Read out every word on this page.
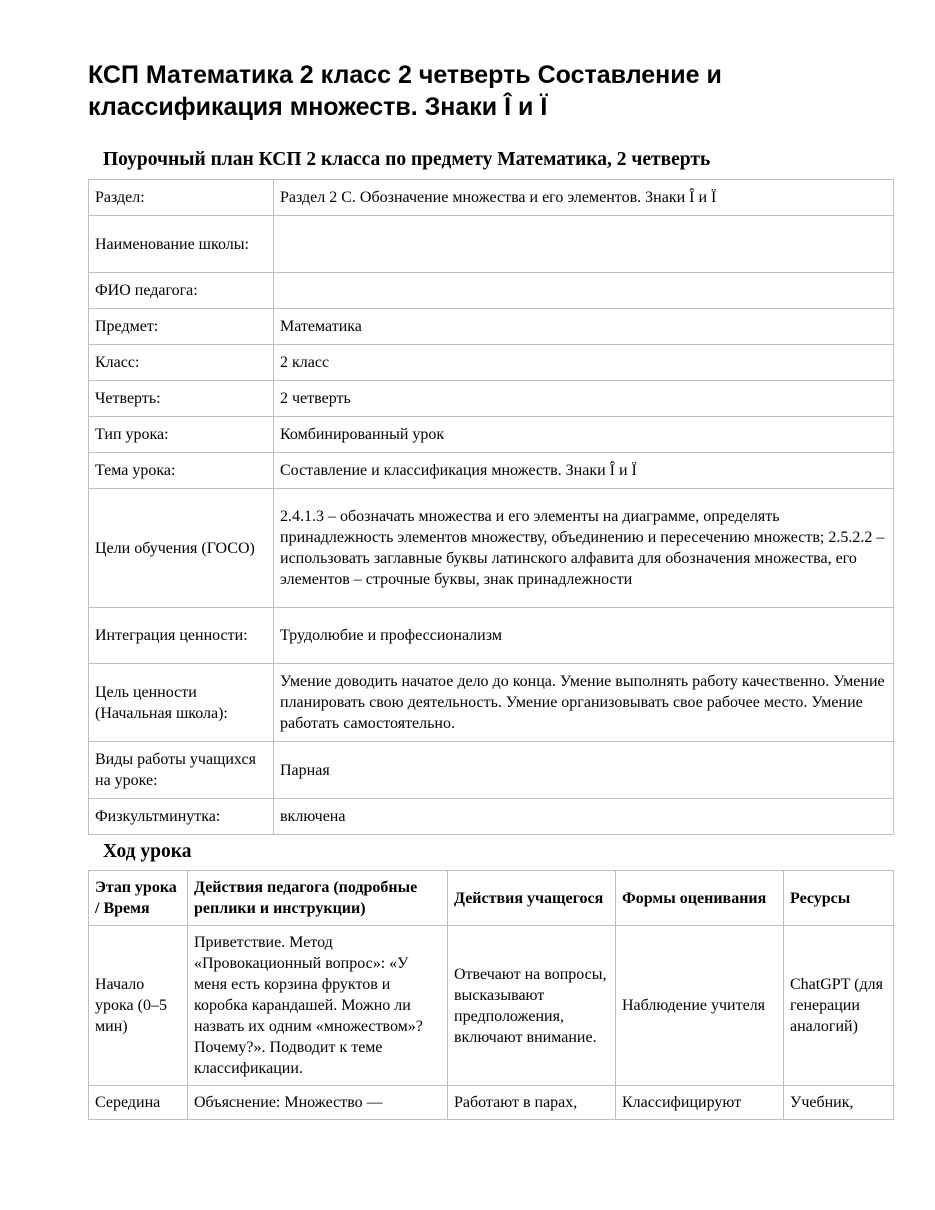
КСП Математика 2 класс 2 четверть Составление и классификация множеств. Знаки Î и Ï
Поурочный план КСП 2 класса по предмету Математика, 2 четверть
Раздел:	Раздел 2 С. Обозначение множества и его элементов. Знаки Î и Ï
Наименование школы:	
ФИО педагога:	
Предмет:	Математика
Класс:	2 класс
Четверть:	2 четверть
Тип урока:	Комбинированный урок
Тема урока:	Составление и классификация множеств. Знаки Î и Ï
Цели обучения (ГОСО)	2.4.1.3 – обозначать множества и его элементы на диаграмме, определять принадлежность элементов множеству, объединению и пересечению множеств; 2.5.2.2 – использовать заглавные буквы латинского алфавита для обозначения множества, его элементов – строчные буквы, знак принадлежности
Интеграция ценности:	Трудолюбие и профессионализм
Цель ценности (Начальная школа):	Умение доводить начатое дело до конца. Умение выполнять работу качественно. Умение планировать свою деятельность. Умение организовывать свое рабочее место. Умение работать самостоятельно.
Виды работы учащихся на уроке:	Парная
Физкультминутка:	включена
Ход урока
Этап урока / Время	Действия педагога (подробные реплики и инструкции)	Действия учащегося	Формы оценивания	Ресурсы
Начало урока (0–5 мин)	Приветствие. Метод «Провокационный вопрос»: «У меня есть корзина фруктов и коробка карандашей. Можно ли назвать их одним «множеством»? Почему?». Подводит к теме классификации.	Отвечают на вопросы, высказывают предположения, включают внимание.	Наблюдение учителя	ChatGPT (для генерации аналогий)
Середина	Объяснение: Множество —	Работают в парах,	Классифицируют	Учебник,
